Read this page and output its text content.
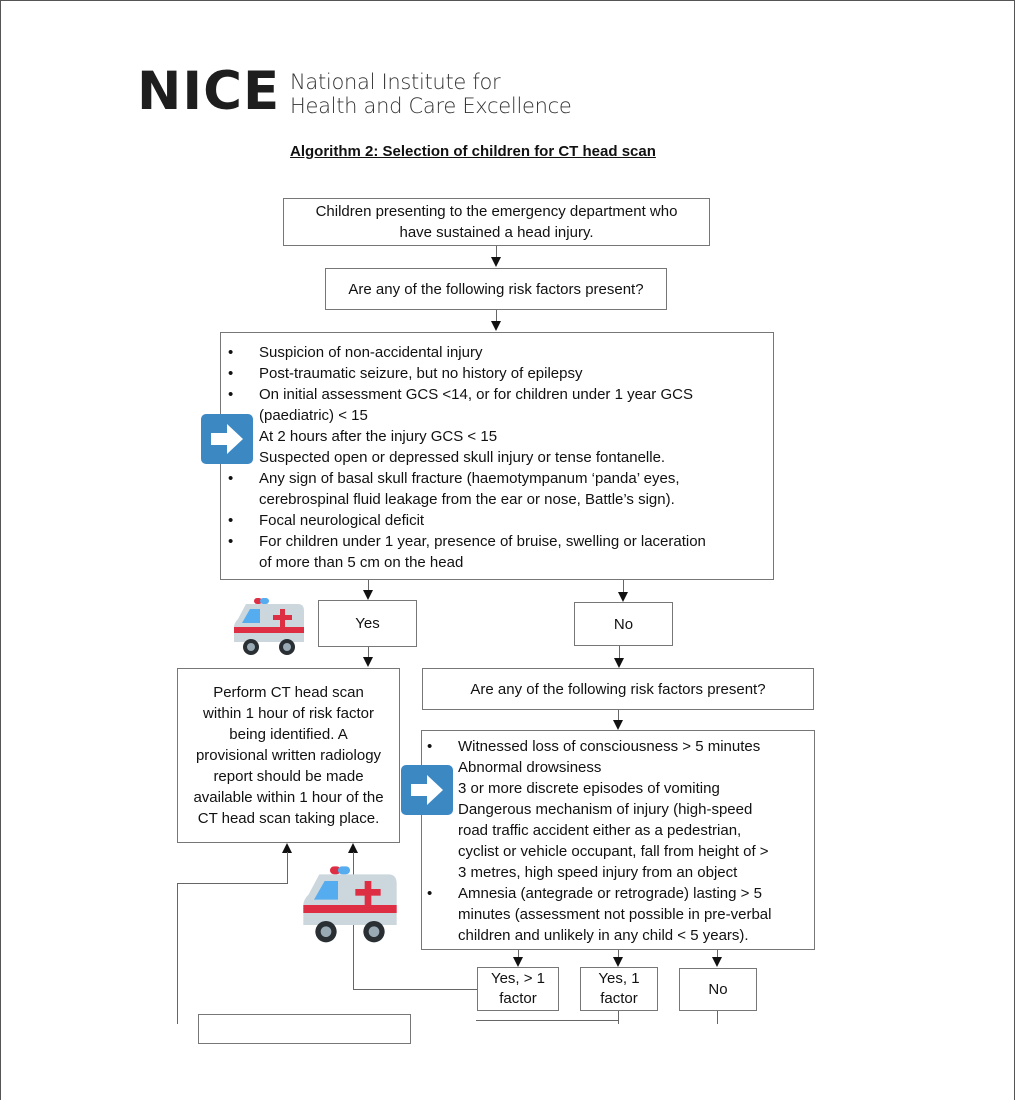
NICE National Institute for
Health and Care Excellence
Algorithm 2: Selection of children for CT head scan
Children presenting to the emergency department who
have sustained a head injury.
Are any of the following risk factors present?
• Suspicion of non-accidental injury
• Post-traumatic seizure, but no history of epilepsy
• On initial assessment GCS <14, or for children under 1 year GCS
(paediatric) < 15
At 2 hours after the injury GCS < 15
Suspected open or depressed skull injury or tense fontanelle.
• Any sign of basal skull fracture (haemotympanum ‘panda’ eyes,
cerebrospinal fluid leakage from the ear or nose, Battle’s sign).
• Focal neurological deficit
• For children under 1 year, presence of bruise, swelling or laceration
of more than 5 cm on the head
Yes	No
Perform CT head scan
within 1 hour of risk factor
being identified. A
provisional written radiology
report should be made
available within 1 hour of the
CT head scan taking place.
Are any of the following risk factors present?
• Witnessed loss of consciousness > 5 minutes
Abnormal drowsiness
3 or more discrete episodes of vomiting
Dangerous mechanism of injury (high-speed
road traffic accident either as a pedestrian,
cyclist or vehicle occupant, fall from height of >
3 metres, high speed injury from an object
• Amnesia (antegrade or retrograde) lasting > 5
minutes (assessment not possible in pre-verbal
children and unlikely in any child < 5 years).
Yes, > 1
factor
Yes, 1
factor
No
